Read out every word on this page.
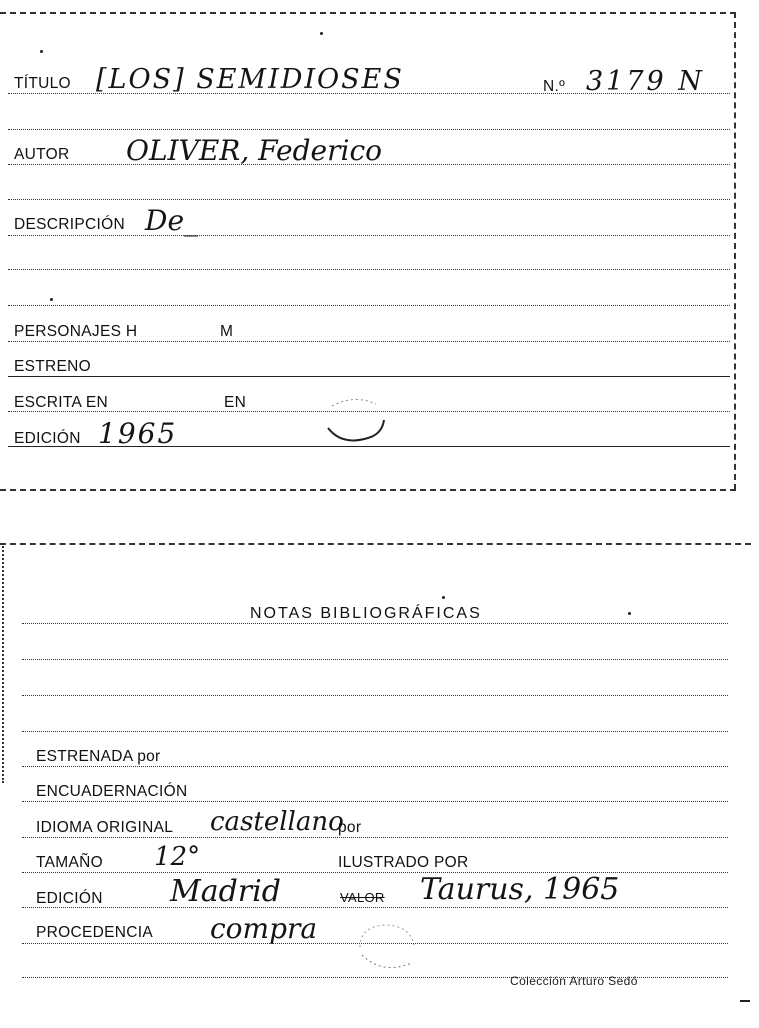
TÍTULO [LOS] SEMIDIOSES	N.º 3179 N
AUTOR OLIVER, Federico
DESCRIPCIÓN De_
PERSONAJES H	M
ESTRENO
ESCRITA EN	EN
EDICIÓN 1965
NOTAS BIBLIOGRÁFICAS
ESTRENADA por
ENCUADERNACIÓN
IDIOMA ORIGINAL castellano
por
TAMAÑO 12°	ILUSTRADO POR
EDICIÓN Madrid	VALOR Taurus, 1965
PROCEDENCIA compra
Colección Arturo Sedó
